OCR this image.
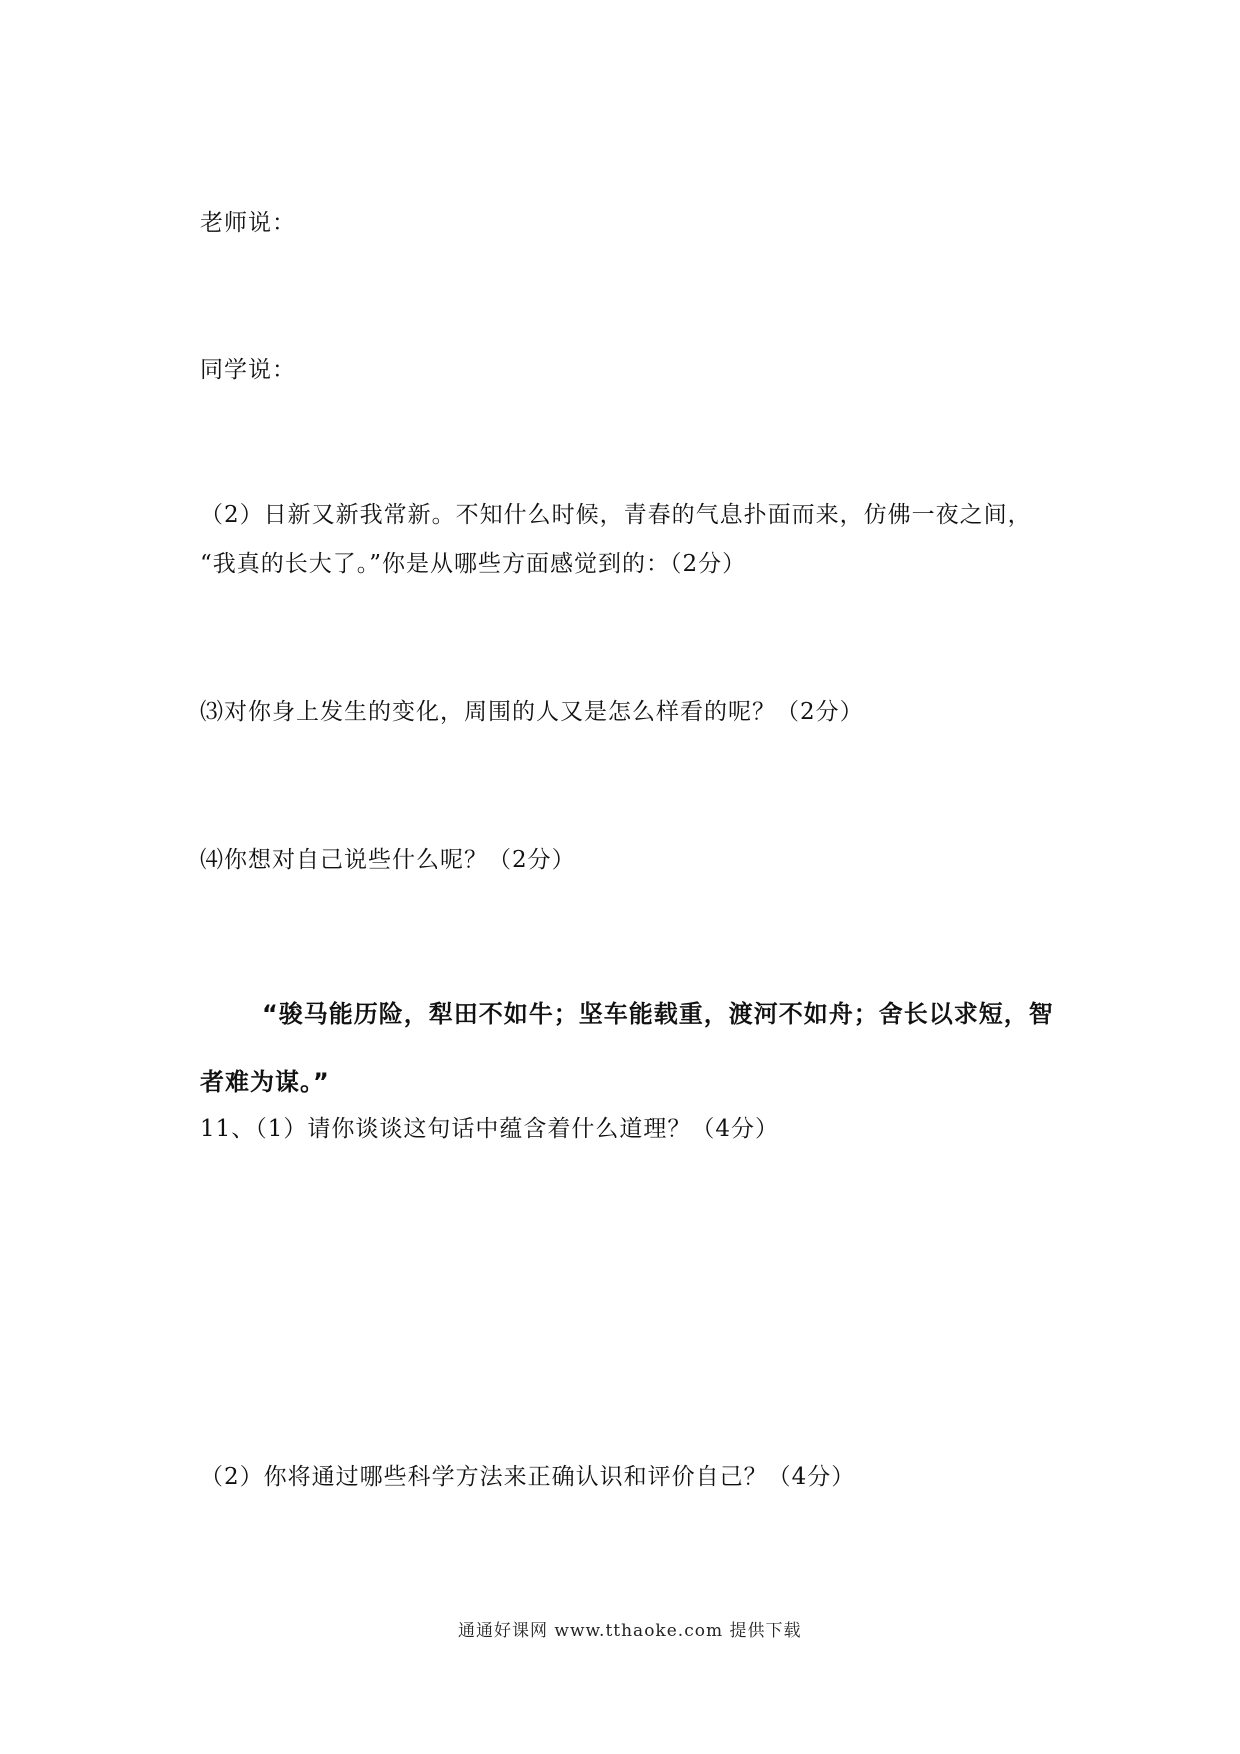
老师说：
同学说：
（2）日新又新我常新。不知什么时候，青春的气息扑面而来，仿佛一夜之间，
“我真的长大了。”你是从哪些方面感觉到的：（2分）
⑶对你身上发生的变化，周围的人又是怎么样看的呢？（2分）
⑷你想对自己说些什么呢？（2分）
“骏马能历险，犁田不如牛；坚车能载重，渡河不如舟；舍长以求短，智
者难为谋。”
11、（1）请你谈谈这句话中蕴含着什么道理？（4分）
（2）你将通过哪些科学方法来正确认识和评价自己？（4分）
通通好课网 www.tthaoke.com 提供下载
